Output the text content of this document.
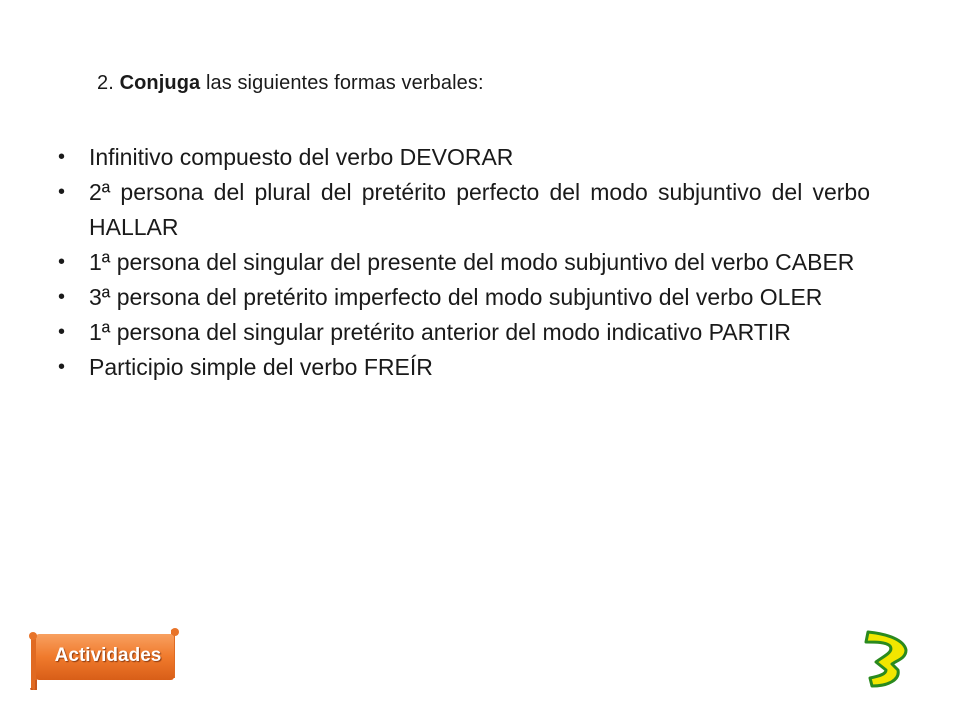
2. Conjuga las siguientes formas verbales:
• Infinitivo compuesto del verbo DEVORAR
• 2ª persona del plural del pretérito perfecto del modo subjuntivo del verbo HALLAR
• 1ª persona del singular del presente del modo subjuntivo del verbo CABER
• 3ª persona del pretérito imperfecto del modo subjuntivo del verbo OLER
• 1ª persona del singular pretérito anterior del modo indicativo PARTIR
• Participio simple del verbo FREÍR
Actividades
